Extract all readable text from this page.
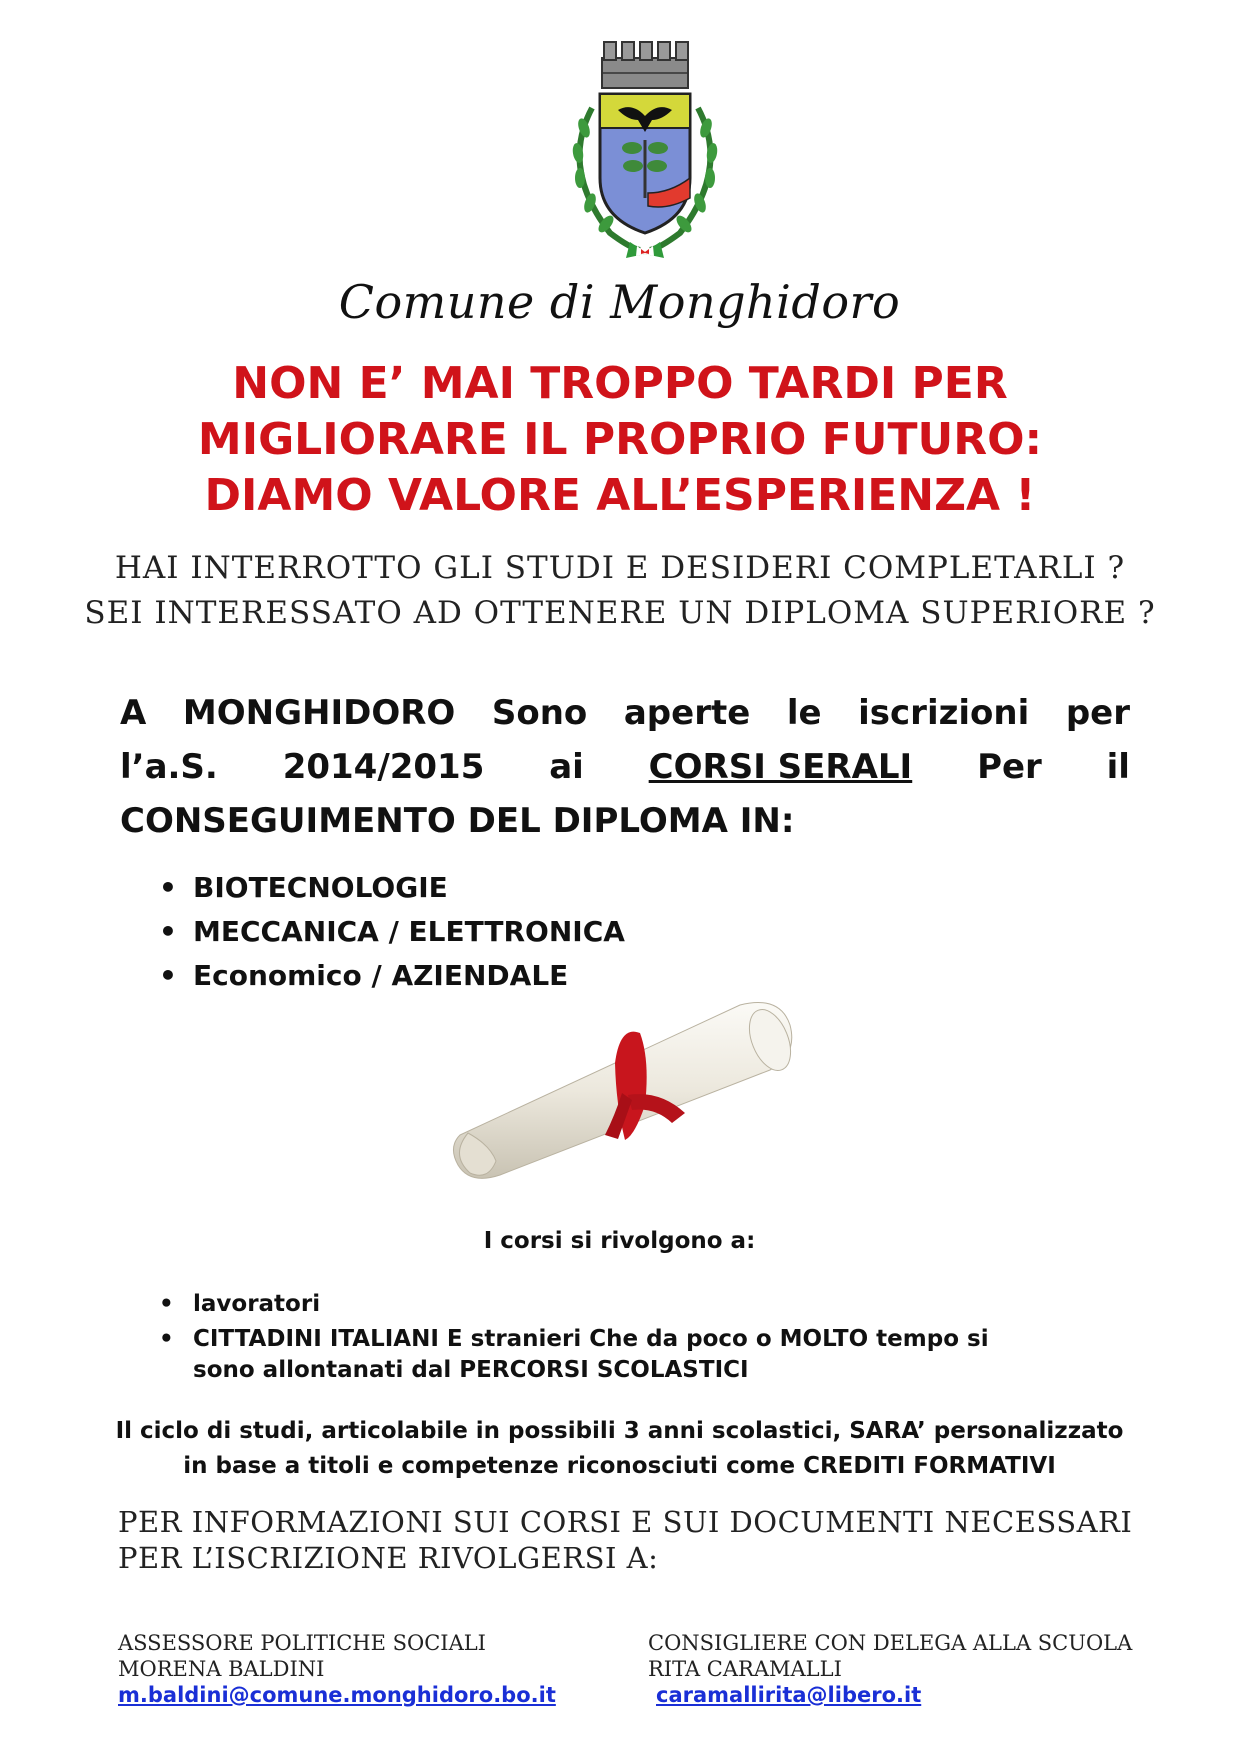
Comune di Monghidoro
NON E’ MAI TROPPO TARDI PER
MIGLIORARE IL PROPRIO FUTURO:
DIAMO VALORE ALL’ESPERIENZA !
HAI INTERROTTO GLI STUDI E DESIDERI COMPLETARLI ?
SEI INTERESSATO AD OTTENERE UN DIPLOMA SUPERIORE ?
A MONGHIDORO Sono aperte le iscrizioni per
l’a.S. 2014/2015 ai CORSI SERALI Per il
CONSEGUIMENTO DEL DIPLOMA IN:
• BIOTECNOLOGIE
• MECCANICA / ELETTRONICA
• Economico / AZIENDALE
I corsi si rivolgono a:
• lavoratori
• CITTADINI ITALIANI E stranieri Che da poco o MOLTO tempo si
sono allontanati dal PERCORSI SCOLASTICI
Il ciclo di studi, articolabile in possibili 3 anni scolastici, SARA’ personalizzato
in base a titoli e competenze riconosciuti come CREDITI FORMATIVI
PER INFORMAZIONI SUI CORSI E SUI DOCUMENTI NECESSARI
PER L’ISCRIZIONE RIVOLGERSI A:
ASSESSORE POLITICHE SOCIALI
MORENA BALDINI
m.baldini@comune.monghidoro.bo.it
CONSIGLIERE CON DELEGA ALLA SCUOLA
RITA CARAMALLI
caramallirita@libero.it
